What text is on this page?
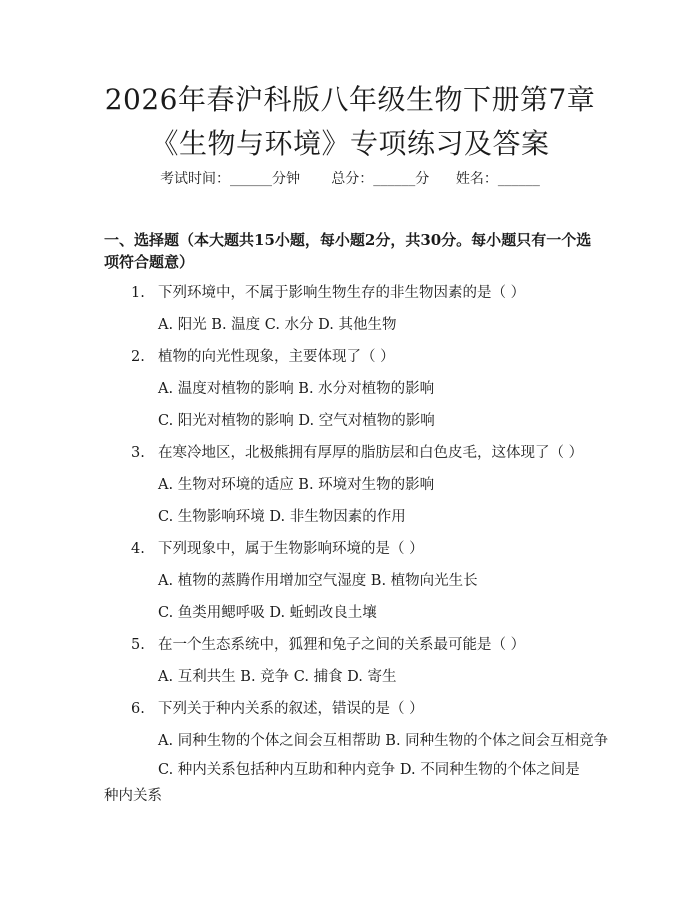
2026年春沪科版八年级生物下册第7章《生物与环境》专项练习及答案
考试时间：______分钟 总分：______分 姓名：______

一、选择题（本大题共15小题，每小题2分，共30分。每小题只有一个选项符合题意）

1. 下列环境中，不属于影响生物生存的非生物因素的是（ ）
A. 阳光 B. 温度 C. 水分 D. 其他生物
2. 植物的向光性现象，主要体现了（ ）
A. 温度对植物的影响 B. 水分对植物的影响
C. 阳光对植物的影响 D. 空气对植物的影响
3. 在寒冷地区，北极熊拥有厚厚的脂肪层和白色皮毛，这体现了（ ）
A. 生物对环境的适应 B. 环境对生物的影响
C. 生物影响环境 D. 非生物因素的作用
4. 下列现象中，属于生物影响环境的是（ ）
A. 植物的蒸腾作用增加空气湿度 B. 植物向光生长
C. 鱼类用鳃呼吸 D. 蚯蚓改良土壤
5. 在一个生态系统中，狐狸和兔子之间的关系最可能是（ ）
A. 互利共生 B. 竞争 C. 捕食 D. 寄生
6. 下列关于种内关系的叙述，错误的是（ ）
A. 同种生物的个体之间会互相帮助 B. 同种生物的个体之间会互相竞争
C. 种内关系包括种内互助和种内竞争 D. 不同种生物的个体之间是种内关系
